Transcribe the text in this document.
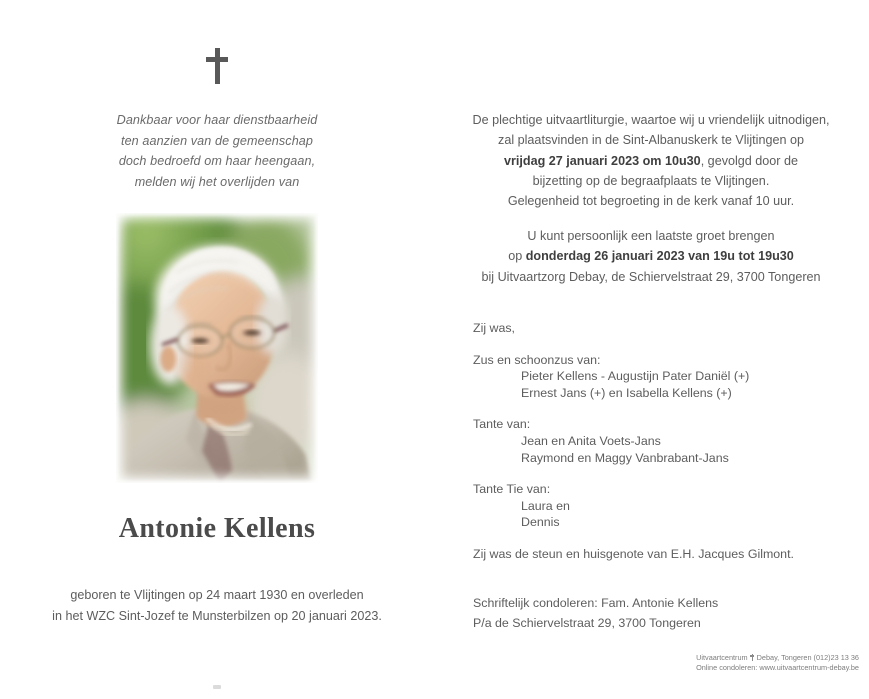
Dankbaar voor haar dienstbaarheid
ten aanzien van de gemeenschap
doch bedroefd om haar heengaan,
melden wij het overlijden van
Antonie Kellens
geboren te Vlijtingen op 24 maart 1930 en overleden
in het WZC Sint-Jozef te Munsterbilzen op 20 januari 2023.
De plechtige uitvaartliturgie, waartoe wij u vriendelijk uitnodigen,
zal plaatsvinden in de Sint-Albanuskerk te Vlijtingen op
vrijdag 27 januari 2023 om 10u30, gevolgd door de
bijzetting op de begraafplaats te Vlijtingen.
Gelegenheid tot begroeting in de kerk vanaf 10 uur.
U kunt persoonlijk een laatste groet brengen
op donderdag 26 januari 2023 van 19u tot 19u30
bij Uitvaartzorg Debay, de Schiervelstraat 29, 3700 Tongeren
Zij was,
Zus en schoonzus van:
Pieter Kellens - Augustijn Pater Daniël (+)
Ernest Jans (+) en Isabella Kellens (+)
Tante van:
Jean en Anita Voets-Jans
Raymond en Maggy Vanbrabant-Jans
Tante Tie van:
Laura en
Dennis
Zij was de steun en huisgenote van E.H. Jacques Gilmont.
Schriftelijk condoleren: Fam. Antonie Kellens
P/a de Schiervelstraat 29, 3700 Tongeren
Uitvaartcentrum Debay, Tongeren (012)23 13 36
Online condoleren: www.uitvaartcentrum-debay.be
